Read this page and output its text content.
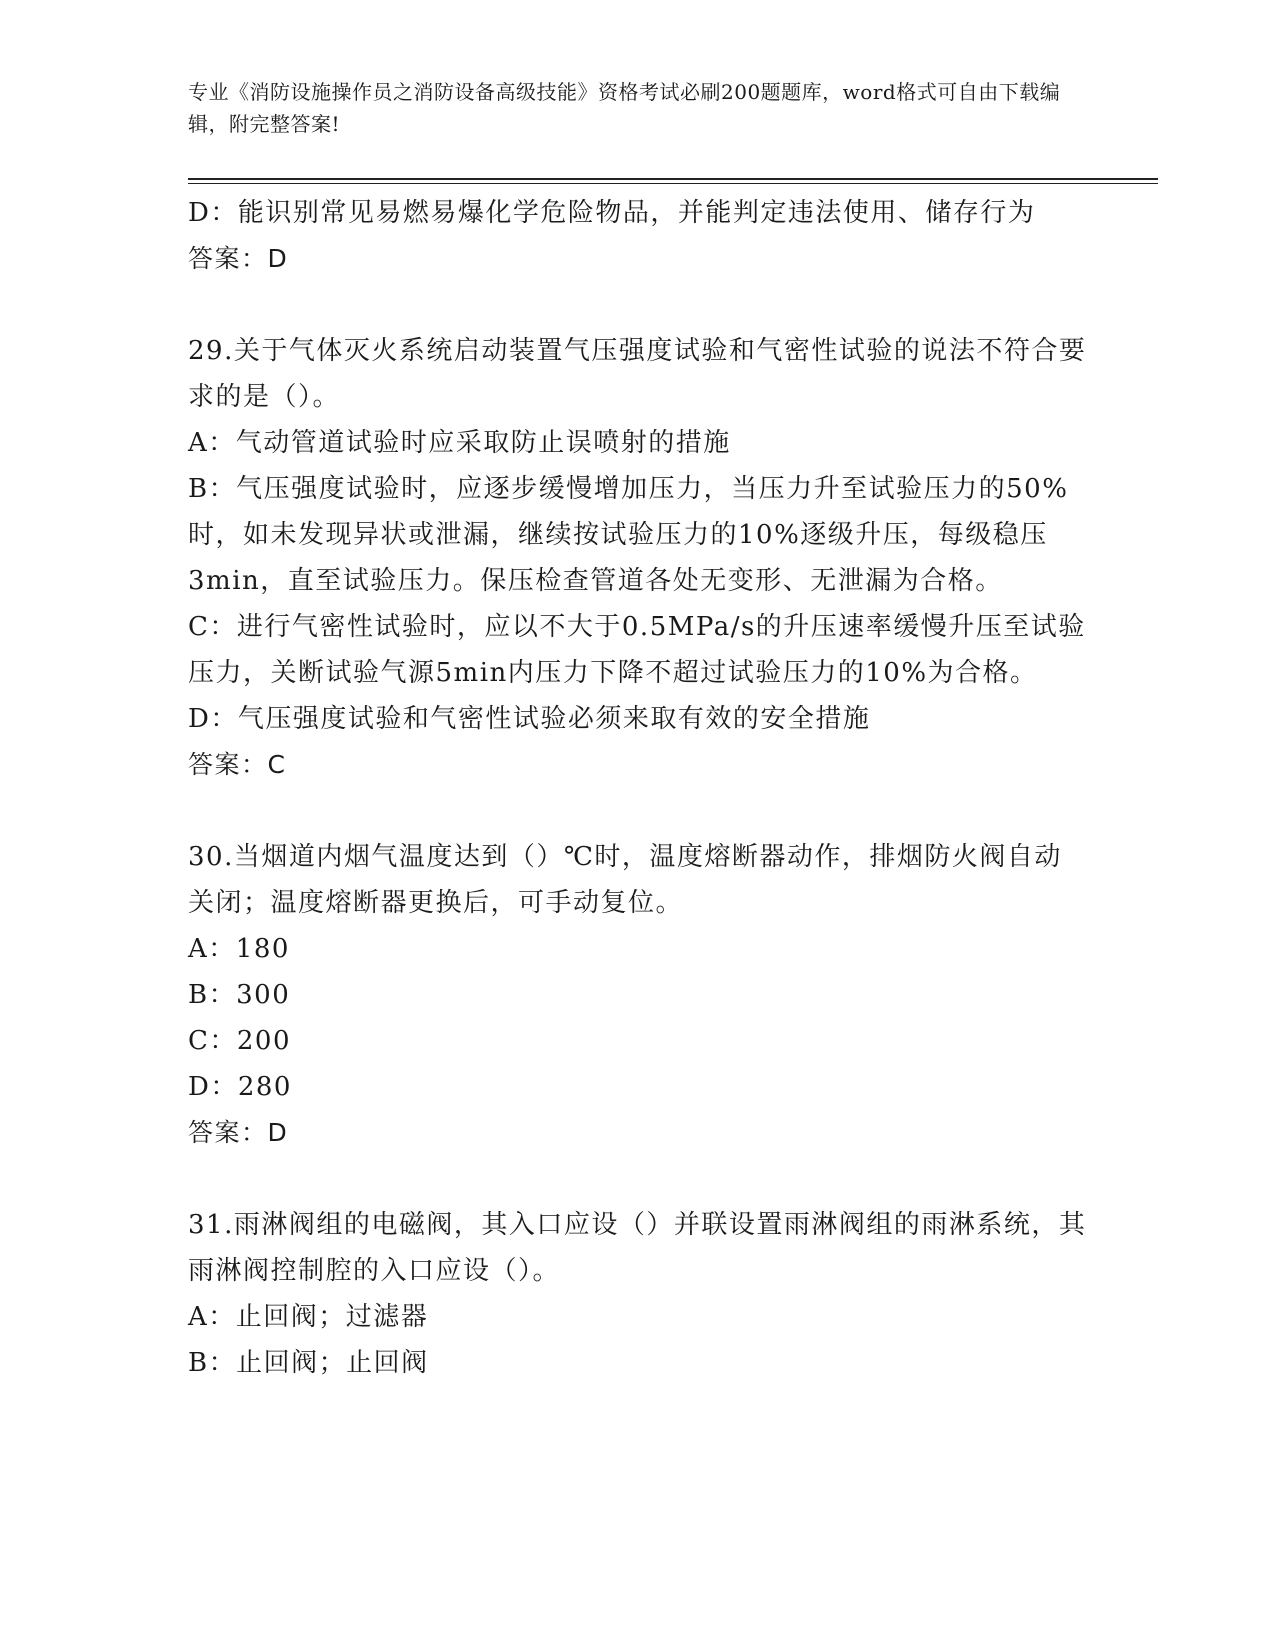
专业《消防设施操作员之消防设备高级技能》资格考试必刷200题题库，word格式可自由下载编辑，附完整答案!
D：能识别常见易燃易爆化学危险物品，并能判定违法使用、储存行为
答案：D
29.关于气体灭火系统启动装置气压强度试验和气密性试验的说法不符合要求的是（）。
A：气动管道试验时应采取防止误喷射的措施
B：气压强度试验时，应逐步缓慢增加压力，当压力升至试验压力的50%时，如未发现异状或泄漏，继续按试验压力的10%逐级升压，每级稳压3min，直至试验压力。保压检查管道各处无变形、无泄漏为合格。
C：进行气密性试验时，应以不大于0.5MPa/s的升压速率缓慢升压至试验压力，关断试验气源5min内压力下降不超过试验压力的10%为合格。
D：气压强度试验和气密性试验必须来取有效的安全措施
答案：C
30.当烟道内烟气温度达到（）℃时，温度熔断器动作，排烟防火阀自动关闭；温度熔断器更换后，可手动复位。
A：180
B：300
C：200
D：280
答案：D
31.雨淋阀组的电磁阀，其入口应设（）并联设置雨淋阀组的雨淋系统，其雨淋阀控制腔的入口应设（）。
A：止回阀；过滤器
B：止回阀；止回阀
